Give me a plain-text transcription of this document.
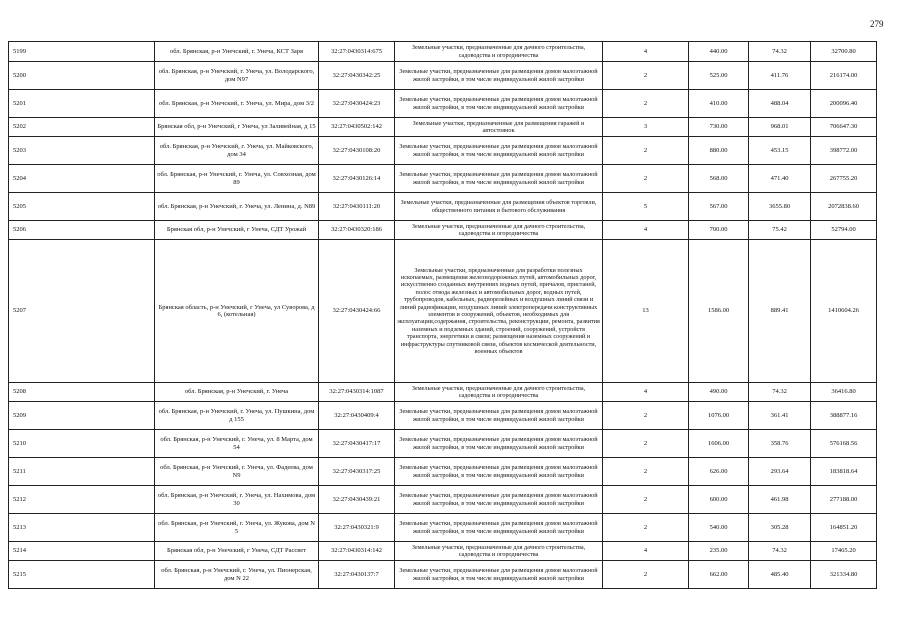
279
5199	обл. Брянская, р-н Унечский, г. Унеча, КСТ Заря	32:27:0430314:675	Земельные участки, предназначенные для дачного строительства, садоводства и огородничества	4	440.00	74.32	32700.80
5200	обл. Брянская, р-н Унечский, г. Унеча, ул. Володарского, дом N97	32:27:0430342:25	Земельные участки, предназначенные для размещения домов малоэтажной жилой застройки, в том числе индивидуальной жилой застройки	2	525.00	411.76	216174.00
5201	обл. Брянская, р-н Унечский, г. Унеча, ул. Мира, дом 3/2	32:27:0430424:23	Земельные участки, предназначенные для размещения домов малоэтажной жилой застройки, в том числе индивидуальной жилой застройки	2	410.00	488.04	200096.40
5202	Брянская обл, р-н Унечский, г Унеча, ул Заливейная, д 15	32:27:0430502:142	Земельные участки, предназначенные для размещения гаражей и автостоянок	3	730.00	968.01	706647.30
5203	обл. Брянская, р-н Унечский, г. Унеча, ул. Майковского, дом 34	32:27:0430108:20	Земельные участки, предназначенные для размещения домов малоэтажной жилой застройки, в том числе индивидуальной жилой застройки	2	880.00	453.15	398772.00
5204	обл. Брянская, р-н Унечский, г. Унеча, ул. Совхозная, дом 89	32:27:0430126:14	Земельные участки, предназначенные для размещения домов малоэтажной жилой застройки, в том числе индивидуальной жилой застройки	2	568.00	471.40	267755.20
5205	обл. Брянская, р-н Унечский, г. Унеча, ул. Ленина, д. N89	32:27:0430111:20	Земельные участки, предназначенные для размещения объектов торговли, общественного питания и бытового обслуживания	5	567.00	3655.80	2072838.60
5206	Брянская обл, р-н Унечский, г Унеча, СДТ Урожай	32:27:0430320:186	Земельные участки, предназначенные для дачного строительства, садоводства и огородничества	4	700.00	75.42	52794.00
5207	Брянская область, р-н Унечский, г Унеча, ул Суворова, д 6, (котельная)	32:27:0430424:66	Земельные участки, предназначенные для разработки полезных ископаемых, размещения железнодорожных путей, автомобильных дорог, искусственно созданных внутренних водных путей, причалов, пристаней, полос отвода железных и автомобильных дорог, водных путей, трубопроводов, кабельных, радиорелейных и воздушных линий связи и линий радиофикации, воздушных линий электропередачи конструктивных элементов и сооружений, объектов, необходимых для эксплуатации,содержания, строительства, реконструкции, ремонта, развития наземных и подземных зданий, строений, сооружений, устройств транспорта, энергетики и связи; размещения наземных сооружений и инфраструктуры спутниковой связи, объектов космической деятельности, военных объектов	13	1586.00	889.41	1410604.26
5208	обл. Брянская, р-н Унечский, г. Унеча	32:27:0430314:1087	Земельные участки, предназначенные для дачного строительства, садоводства и огородничества	4	490.00	74.32	36416.80
5209	обл. Брянская, р-н Унечский, г. Унеча, ул. Пушкина, дом д 155	32:27:0430409:4	Земельные участки, предназначенные для размещения домов малоэтажной жилой застройки, в том числе индивидуальной жилой застройки	2	1076.00	361.41	388877.16
5210	обл. Брянская, р-н Унечский, г. Унеча, ул. 8 Марта, дом 54	32:27:0430417:17	Земельные участки, предназначенные для размещения домов малоэтажной жилой застройки, в том числе индивидуальной жилой застройки	2	1606.00	358.76	576168.56
5211	обл. Брянская, р-н Унечский, г. Унеча, ул. Фадеева, дом N9	32:27:0430317:25	Земельные участки, предназначенные для размещения домов малоэтажной жилой застройки, в том числе индивидуальной жилой застройки	2	626.00	293.64	183818.64
5212	обл. Брянская, р-н Унечский, г. Унеча, ул. Нахимова, дом 30	32:27:0430439:21	Земельные участки, предназначенные для размещения домов малоэтажной жилой застройки, в том числе индивидуальной жилой застройки	2	600.00	461.98	277188.00
5213	обл. Брянская, р-н Унечский, г. Унеча, ул. Жукова, дом N 5	32:27:0430321:9	Земельные участки, предназначенные для размещения домов малоэтажной жилой застройки, в том числе индивидуальной жилой застройки	2	540.00	305.28	164851.20
5214	Брянская обл, р-н Унечский, г Унеча, СДТ Рассвет	32:27:0430314:142	Земельные участки, предназначенные для дачного строительства, садоводства и огородничества	4	235.00	74.32	17465.20
5215	обл. Брянская, р-н Унечский, г. Унеча, ул. Пионерская, дом N 22	32:27:0430137:7	Земельные участки, предназначенные для размещения домов малоэтажной жилой застройки, в том числе индивидуальной жилой застройки	2	662.00	485.40	321334.80
